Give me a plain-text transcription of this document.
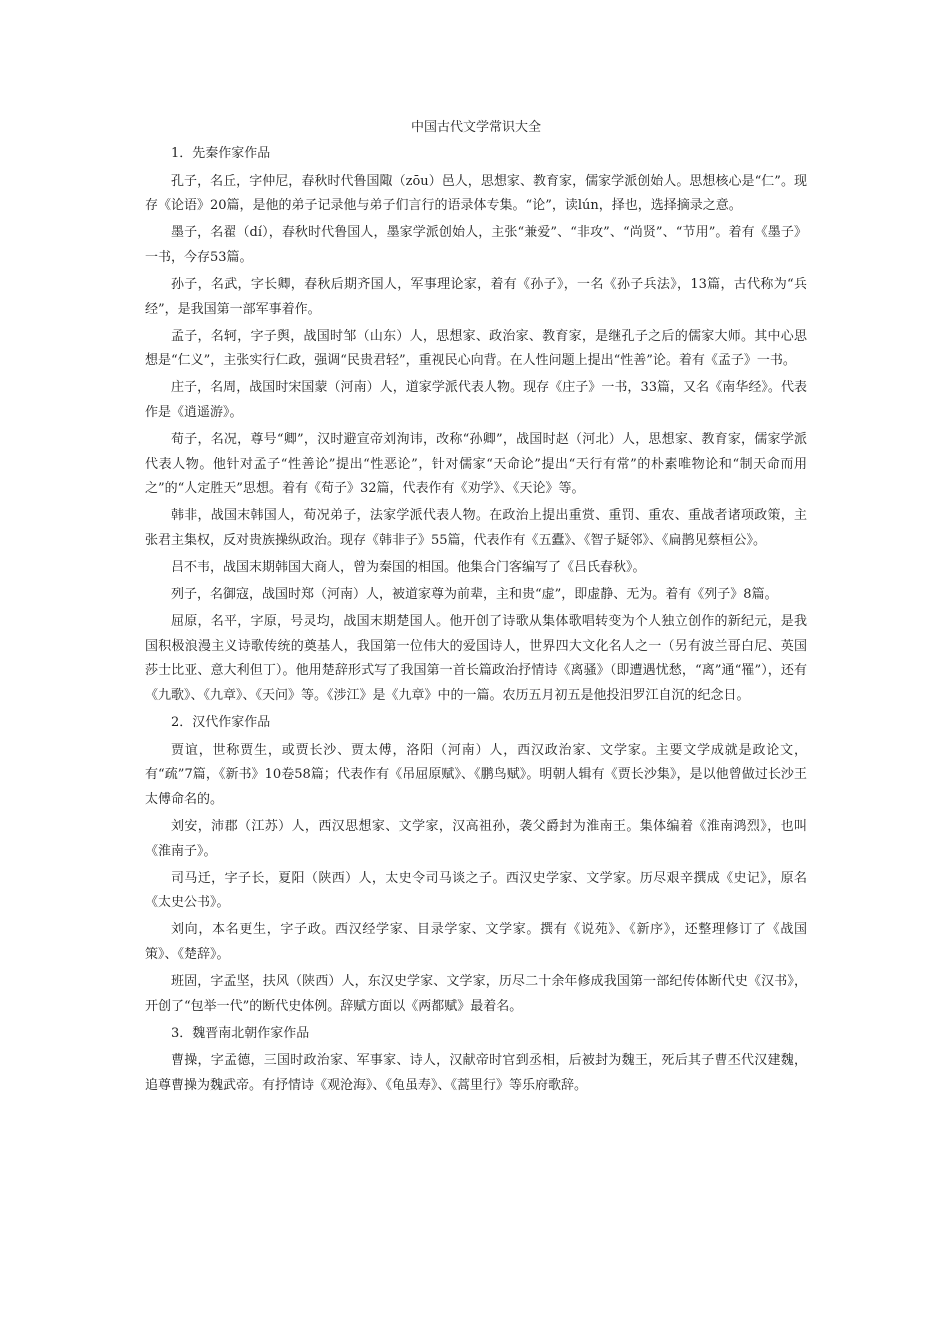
中国古代文学常识大全
1．先秦作家作品

孔子，名丘，字仲尼，春秋时代鲁国陬（zōu）邑人，思想家、教育家，儒家学派创始人。思想核心是“仁”。现存《论语》20篇，是他的弟子记录他与弟子们言行的语录体专集。“论”，读lún，择也，选择摘录之意。

墨子，名翟（dí），春秋时代鲁国人，墨家学派创始人，主张“兼爱”、“非攻”、“尚贤”、“节用”。着有《墨子》一书，今存53篇。

孙子，名武，字长卿，春秋后期齐国人，军事理论家，着有《孙子》，一名《孙子兵法》，13篇，古代称为“兵经”，是我国第一部军事着作。

孟子，名轲，字子舆，战国时邹（山东）人，思想家、政治家、教育家，是继孔子之后的儒家大师。其中心思想是“仁义”，主张实行仁政，强调“民贵君轻”，重视民心向背。在人性问题上提出“性善”论。着有《孟子》一书。

庄子，名周，战国时宋国蒙（河南）人，道家学派代表人物。现存《庄子》一书，33篇，又名《南华经》。代表作是《逍遥游》。

荀子，名况，尊号“卿”，汉时避宣帝刘洵讳，改称“孙卿”，战国时赵（河北）人，思想家、教育家，儒家学派代表人物。他针对孟子“性善论”提出“性恶论”，针对儒家“天命论”提出“天行有常”的朴素唯物论和“制天命而用之”的“人定胜天”思想。着有《荀子》32篇，代表作有《劝学》、《天论》等。

韩非，战国末韩国人，荀况弟子，法家学派代表人物。在政治上提出重赏、重罚、重农、重战者诸项政策，主张君主集权，反对贵族操纵政治。现存《韩非子》55篇，代表作有《五蠹》、《智子疑邻》、《扁鹊见蔡桓公》。

吕不韦，战国末期韩国大商人，曾为秦国的相国。他集合门客编写了《吕氏春秋》。

列子，名御寇，战国时郑（河南）人，被道家尊为前辈，主和贵“虚”，即虚静、无为。着有《列子》8篇。

屈原，名平，字原，号灵均，战国末期楚国人。他开创了诗歌从集体歌唱转变为个人独立创作的新纪元，是我国积极浪漫主义诗歌传统的奠基人，我国第一位伟大的爱国诗人，世界四大文化名人之一（另有波兰哥白尼、英国莎士比亚、意大利但丁）。他用楚辞形式写了我国第一首长篇政治抒情诗《离骚》（即遭遇忧愁，“离”通“罹”），还有《九歌》、《九章》、《天问》等。《涉江》是《九章》中的一篇。农历五月初五是他投汨罗江自沉的纪念日。

2．汉代作家作品

贾谊，世称贾生，或贾长沙、贾太傅，洛阳（河南）人，西汉政治家、文学家。主要文学成就是政论文，有“疏”7篇，《新书》10卷58篇；代表作有《吊屈原赋》、《鹏鸟赋》。明朝人辑有《贾长沙集》，是以他曾做过长沙王太傅命名的。

刘安，沛郡（江苏）人，西汉思想家、文学家，汉高祖孙，袭父爵封为淮南王。集体编着《淮南鸿烈》，也叫《淮南子》。

司马迁，字子长，夏阳（陕西）人，太史令司马谈之子。西汉史学家、文学家。历尽艰辛撰成《史记》，原名《太史公书》。

刘向，本名更生，字子政。西汉经学家、目录学家、文学家。撰有《说苑》、《新序》，还整理修订了《战国策》、《楚辞》。

班固，字孟坚，扶风（陕西）人，东汉史学家、文学家，历尽二十余年修成我国第一部纪传体断代史《汉书》，开创了“包举一代”的断代史体例。辞赋方面以《两都赋》最着名。

3．魏晋南北朝作家作品

曹操，字孟德，三国时政治家、军事家、诗人，汉献帝时官到丞相，后被封为魏王，死后其子曹丕代汉建魏，追尊曹操为魏武帝。有抒情诗《观沧海》、《龟虽寿》、《蒿里行》等乐府歌辞。
